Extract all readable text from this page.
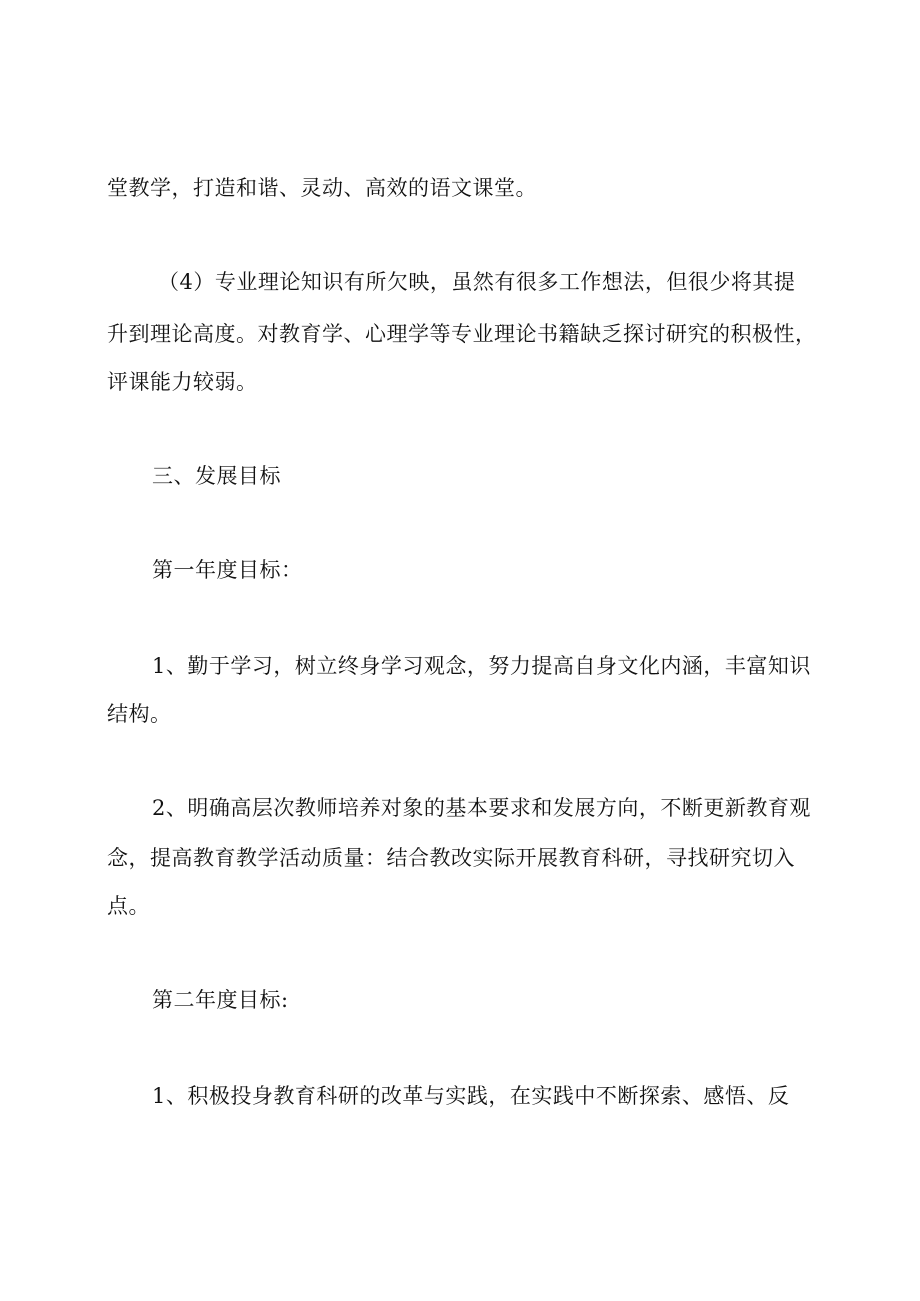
堂教学，打造和谐、灵动、高效的语文课堂。
（4）专业理论知识有所欠映，虽然有很多工作想法，但很少将其提
升到理论高度。对教育学、心理学等专业理论书籍缺乏探讨研究的积极性，
评课能力较弱。
三、发展目标
第一年度目标：
1、勤于学习，树立终身学习观念，努力提高自身文化内涵，丰富知识
结构。
2、明确高层次教师培养对象的基本要求和发展方向，不断更新教育观
念，提高教育教学活动质量：结合教改实际开展教育科研，寻找研究切入
点。
第二年度目标:
1、积极投身教育科研的改革与实践，在实践中不断探索、感悟、反
